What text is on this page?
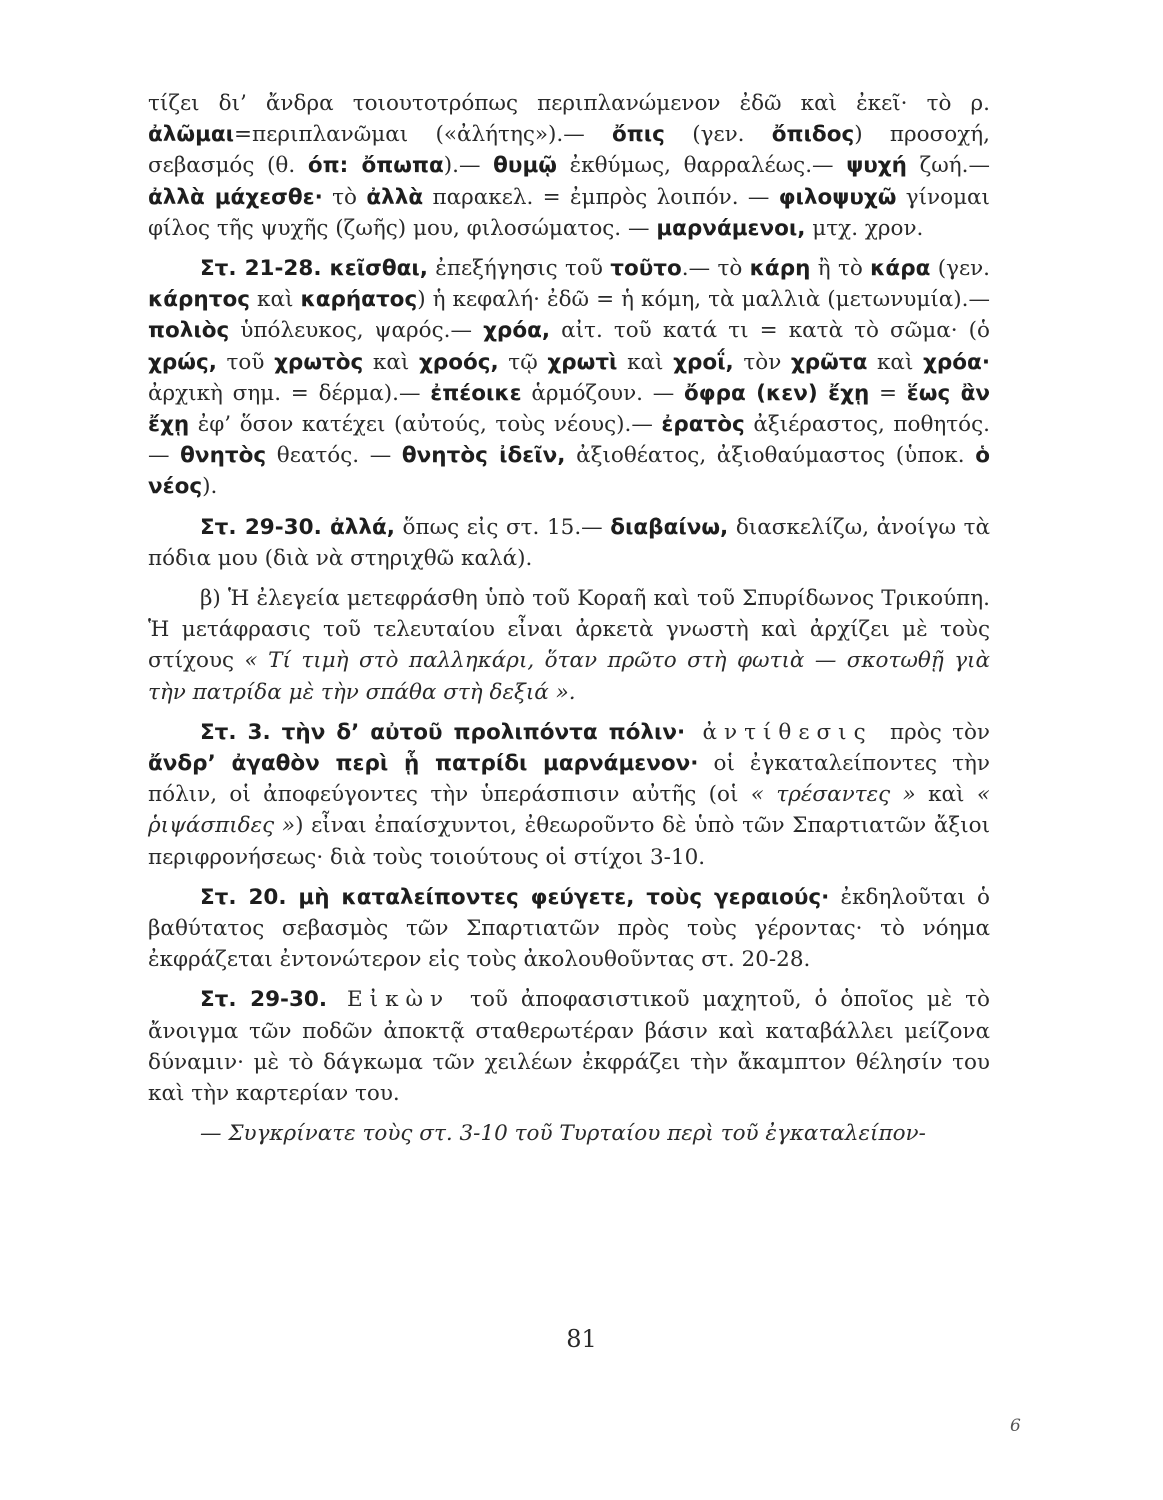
τίζει δι’ ἄνδρα τοιουτοτρόπως περιπλανώμενον ἐδῶ καὶ ἐκεῖ· τὸ ρ. ἀλῶμαι=περιπλανῶμαι («ἀλήτης»).— ὄπις (γεν. ὄπιδος) προσοχή, σεβασμός (θ. όπ: ὄπωπα).— θυμῷ ἐκθύμως, θαρραλέως.— ψυχή ζωή.— ἀλλὰ μάχεσθε· τὸ ἀλλὰ παρακελ. = ἐμπρὸς λοιπόν. — φιλοψυχῶ γίνομαι φίλος τῆς ψυχῆς (ζωῆς) μου, φιλοσώματος. — μαρνάμενοι, μτχ. χρον.

Στ. 21-28. κεῖσθαι, ἐπεξήγησις τοῦ τοῦτο.— τὸ κάρη ἢ τὸ κάρα (γεν. κάρητος καὶ καρήατος) ἡ κεφαλή· ἐδῶ = ἡ κόμη, τὰ μαλλιὰ (μετωνυμία).— πολιὸς ὑπόλευκος, ψαρός.— χρόα, αἰτ. τοῦ κατά τι = κατὰ τὸ σῶμα· (ὁ χρώς, τοῦ χρωτὸς καὶ χροός, τῷ χρωτὶ καὶ χροΐ, τὸν χρῶτα καὶ χρόα· ἀρχικὴ σημ. = δέρμα).— ἐπέοικε ἁρμόζουν. — ὄφρα (κεν) ἔχῃ = ἕως ἂν ἔχῃ ἐφ’ ὅσον κατέχει (αὐτούς, τοὺς νέους).— ἐρατὸς ἀξιέραστος, ποθητός.— θνητὸς θεατός. — θνητὸς ἰδεῖν, ἀξιοθέατος, ἀξιοθαύμαστος (ὑποκ. ὁ νέος).

Στ. 29-30. ἀλλά, ὅπως εἰς στ. 15.— διαβαίνω, διασκελίζω, ἀνοίγω τὰ πόδια μου (διὰ νὰ στηριχθῶ καλά).

β) Ἡ ἐλεγεία μετεφράσθη ὑπὸ τοῦ Κοραῆ καὶ τοῦ Σπυρίδωνος Τρικούπη. Ἡ μετάφρασις τοῦ τελευταίου εἶναι ἀρκετὰ γνωστὴ καὶ ἀρχίζει μὲ τοὺς στίχους « Τί τιμὴ στὸ παλληκάρι, ὅταν πρῶτο στὴ φωτιὰ — σκοτωθῇ γιὰ τὴν πατρίδα μὲ τὴν σπάθα στὴ δεξιά ».

Στ. 3. τὴν δ’ αὐτοῦ προλιπόντα πόλιν· ἀντίθεσις πρὸς τὸν ἄνδρ’ ἀγαθὸν περὶ ᾗ πατρίδι μαρνάμενον· οἱ ἐγκαταλείποντες τὴν πόλιν, οἱ ἀποφεύγοντες τὴν ὑπεράσπισιν αὐτῆς (οἱ « τρέσαντες » καὶ « ῥιψάσπιδες ») εἶναι ἐπαίσχυντοι, ἐθεωροῦντο δὲ ὑπὸ τῶν Σπαρτιατῶν ἄξιοι περιφρονήσεως· διὰ τοὺς τοιούτους οἱ στίχοι 3-10.

Στ. 20. μὴ καταλείποντες φεύγετε, τοὺς γεραιούς· ἐκδηλοῦται ὁ βαθύτατος σεβασμὸς τῶν Σπαρτιατῶν πρὸς τοὺς γέροντας· τὸ νόημα ἐκφράζεται ἐντονώτερον εἰς τοὺς ἀκολουθοῦντας στ. 20-28.

Στ. 29-30. Εἰκὼν τοῦ ἀποφασιστικοῦ μαχητοῦ, ὁ ὁποῖος μὲ τὸ ἄνοιγμα τῶν ποδῶν ἀποκτᾷ σταθερωτέραν βάσιν καὶ καταβάλλει μείζονα δύναμιν· μὲ τὸ δάγκωμα τῶν χειλέων ἐκφράζει τὴν ἄκαμπτον θέλησίν του καὶ τὴν καρτερίαν του.

— Συγκρίνατε τοὺς στ. 3-10 τοῦ Τυρταίου περὶ τοῦ ἐγκαταλείπον-

81
6
